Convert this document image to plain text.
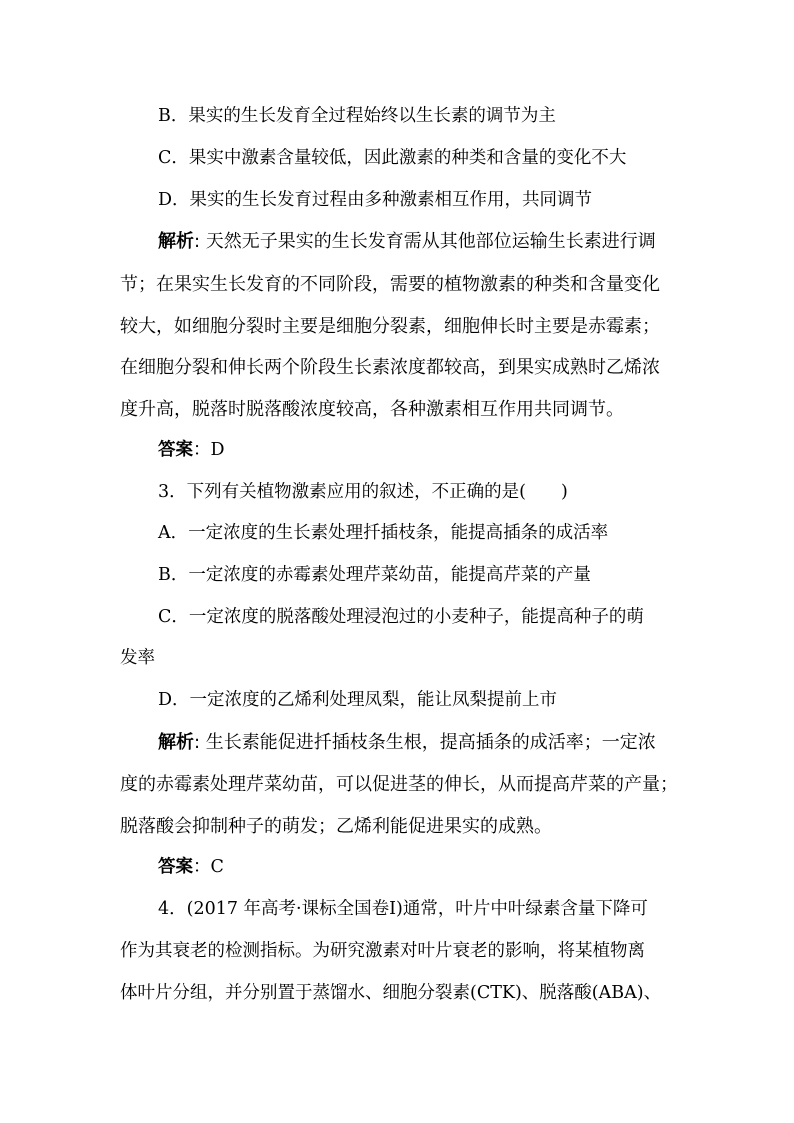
B．果实的生长发育全过程始终以生长素的调节为主
C．果实中激素含量较低，因此激素的种类和含量的变化不大
D．果实的生长发育过程由多种激素相互作用，共同调节
解析: 天然无子果实的生长发育需从其他部位运输生长素进行调
节；在果实生长发育的不同阶段，需要的植物激素的种类和含量变化
较大，如细胞分裂时主要是细胞分裂素，细胞伸长时主要是赤霉素；
在细胞分裂和伸长两个阶段生长素浓度都较高，到果实成熟时乙烯浓
度升高，脱落时脱落酸浓度较高，各种激素相互作用共同调节。
答案：D
3．下列有关植物激素应用的叙述，不正确的是(　　)
A．一定浓度的生长素处理扦插枝条，能提高插条的成活率
B．一定浓度的赤霉素处理芹菜幼苗，能提高芹菜的产量
C．一定浓度的脱落酸处理浸泡过的小麦种子，能提高种子的萌
发率
D．一定浓度的乙烯利处理凤梨，能让凤梨提前上市
解析: 生长素能促进扦插枝条生根，提高插条的成活率；一定浓
度的赤霉素处理芹菜幼苗，可以促进茎的伸长，从而提高芹菜的产量；
脱落酸会抑制种子的萌发；乙烯利能促进果实的成熟。
答案：C
4．(2017 年高考·课标全国卷Ⅰ)通常，叶片中叶绿素含量下降可
作为其衰老的检测指标。为研究激素对叶片衰老的影响，将某植物离
体叶片分组，并分别置于蒸馏水、细胞分裂素(CTK)、脱落酸(ABA)、
